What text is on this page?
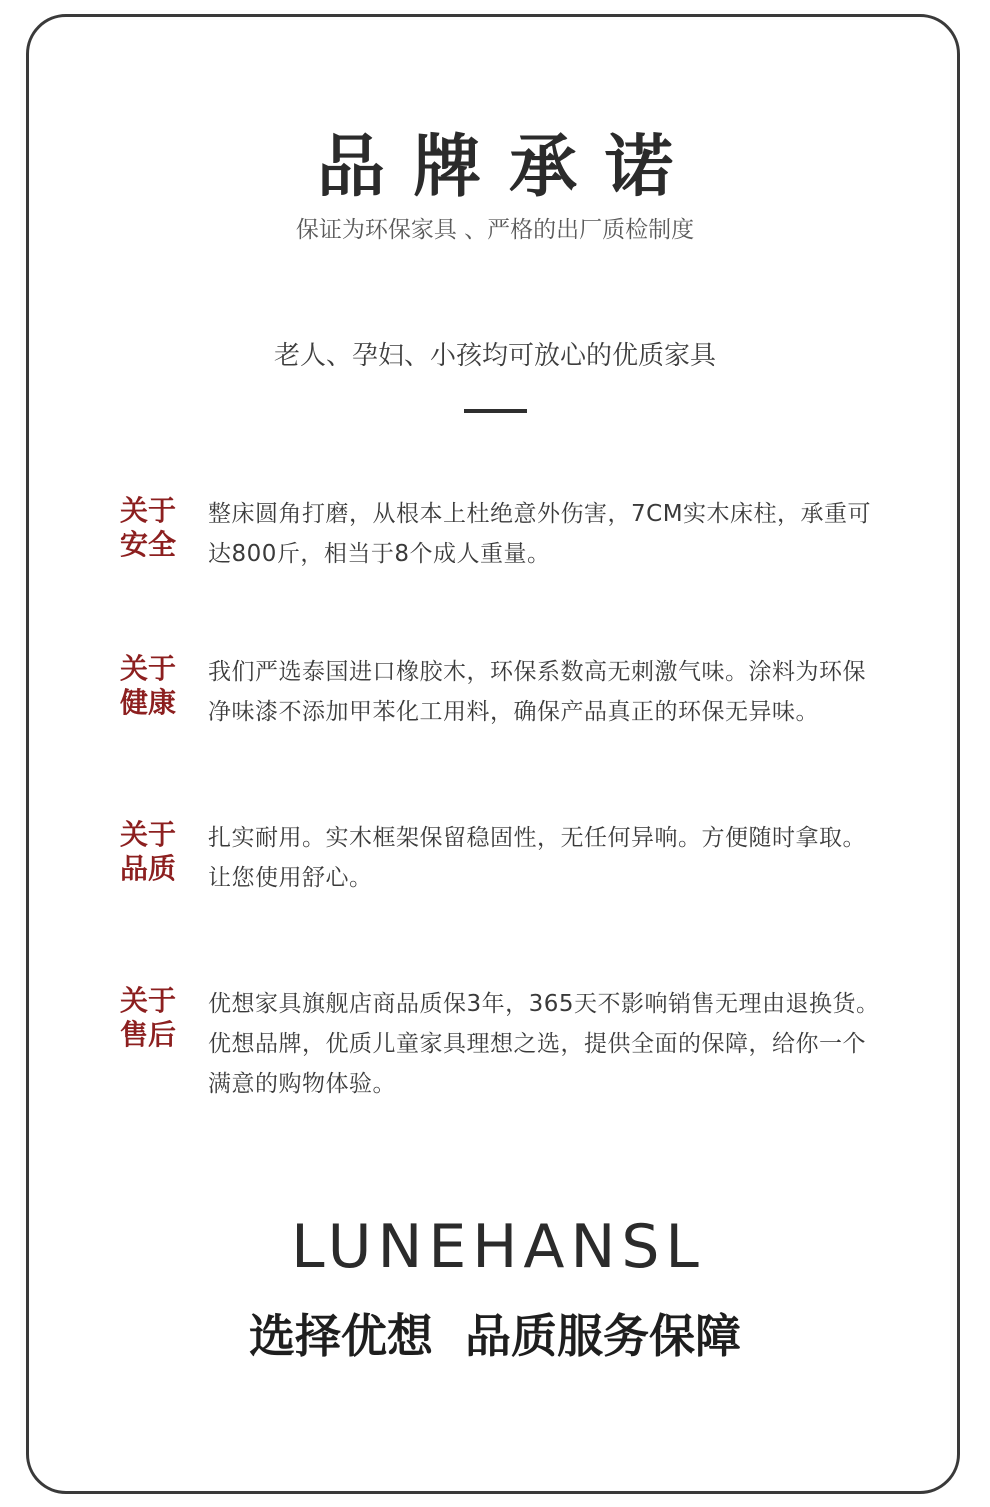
品牌承诺
保证为环保家具 、严格的出厂质检制度
老人、孕妇、小孩均可放心的优质家具
关于安全
整床圆角打磨，从根本上杜绝意外伤害，7CM实木床柱，承重可达800斤，相当于8个成人重量。
关于健康
我们严选泰国进口橡胶木，环保系数高无刺激气味。涂料为环保净味漆不添加甲苯化工用料，确保产品真正的环保无异味。
关于品质
扎实耐用。实木框架保留稳固性，无任何异响。方便随时拿取。让您使用舒心。
关于售后
优想家具旗舰店商品质保3年，365天不影响销售无理由退换货。优想品牌，优质儿童家具理想之选，提供全面的保障，给你一个满意的购物体验。
LUNEHANSL
选择优想  品质服务保障
